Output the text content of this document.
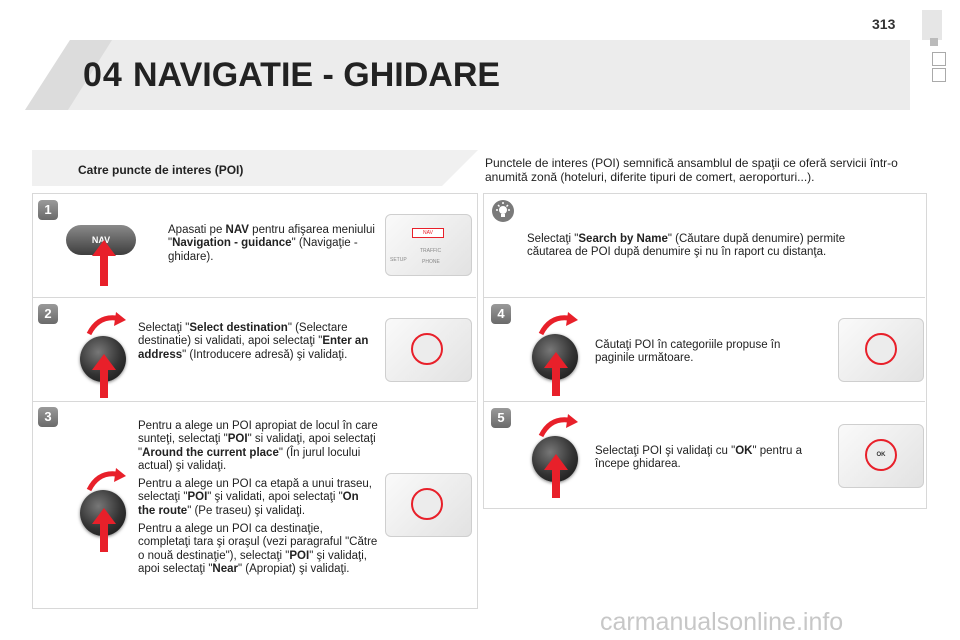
04 NAVIGATIE - GHIDARE
313
Catre puncte de interes (POI)	Punctele de interes (POI) semnifică ansamblul de spaţii ce oferă servicii într-o anumită zonă (hoteluri, diferite tipuri de comert, aeroporturi...).
1
NAV
Apasati pe NAV pentru afişarea meniului "Navigation - guidance" (Navigaţie - ghidare).
NAV
TRAFFIC
SETUP	PHONE
2
Selectaţi "Select destination" (Selectare destinatie) si validati, apoi selectaţi "Enter an address" (Introducere adresă) şi validaţi.
3
Pentru a alege un POI apropiat de locul în care sunteţi, selectaţi "POI" si validaţi, apoi selectaţi "Around the current place" (În jurul locului actual) şi validaţi.
Pentru a alege un POI ca etapă a unui traseu, selectaţi "POI" şi validati, apoi selectaţi "On the route" (Pe traseu) şi validaţi.
Pentru a alege un POI ca destinaţie, completaţi tara şi oraşul (vezi paragraful "Către o nouă destinaţie"), selectaţi "POI" şi validaţi, apoi selectaţi "Near" (Apropiat) şi validaţi.
Selectaţi "Search by Name" (Căutare după denumire) permite căutarea de POI după denumire şi nu în raport cu distanţa.
4
Căutaţi POI în categoriile propuse în paginile următoare.
5
Selectaţi POI şi validaţi cu "OK" pentru a începe ghidarea.
OK
carmanualsonline.info
